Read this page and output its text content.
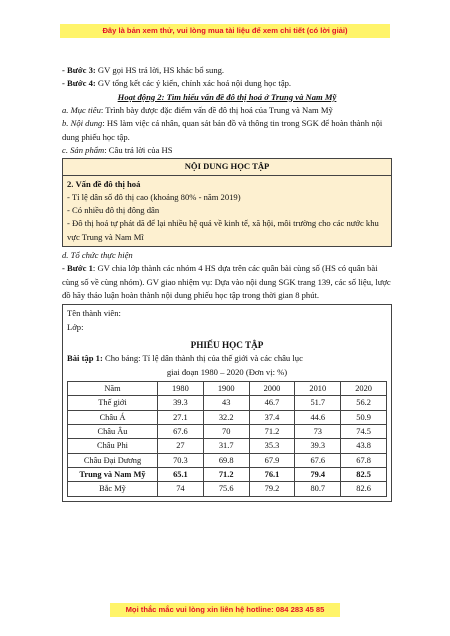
Đây là bản xem thử, vui lòng mua tài liệu để xem chi tiết (có lời giải)

- Bước 3: GV gọi HS trả lời, HS khác bổ sung.

- Bước 4: GV tổng kết các ý kiến, chính xác hoá nội dung học tập.

Hoạt động 2: Tìm hiểu vấn đề đô thị hoá ở Trung và Nam Mỹ

a. Mục tiêu: Trình bày được đặc điểm vấn đề đô thị hoá của Trung và Nam Mỹ

b. Nội dung: HS làm việc cá nhân, quan sát bản đồ và thông tin trong SGK để hoàn thành nội dung phiếu học tập.

c. Sản phẩm: Câu trả lời của HS

NỘI DUNG HỌC TẬP

2. Vấn đề đô thị hoá

- Tỉ lệ dân số đô thị cao (khoảng 80% - năm 2019)

- Có nhiều đô thị đông dân

- Đô thị hoá tự phát dã để lại nhiều hệ quả về kinh tế, xã hội, môi trường cho các nước khu vực Trung và Nam Mĩ

d. Tổ chức thực hiện

- Bước 1: GV chia lớp thành các nhóm 4 HS dựa trên các quân bài cùng số (HS có quân bài cùng số về cùng nhóm). GV giao nhiệm vụ: Dựa vào nội dung SGK trang 139, các số liệu, lược đồ hãy thảo luận hoàn thành nội dung phiếu học tập trong thời gian 8 phút.

Tên thành viên:

Lớp:

PHIẾU HỌC TẬP

Bài tập 1: Cho bảng: Tỉ lệ dân thành thị của thế giới và các châu lục

giai đoạn 1980 – 2020 (Đơn vị: %)

Năm	1980	1900	2000	2010	2020
Thế giới	39.3	43	46.7	51.7	56.2
Châu Á	27.1	32.2	37.4	44.6	50.9
Châu Âu	67.6	70	71.2	73	74.5
Châu Phi	27	31.7	35.3	39.3	43.8
Châu Đại Dương	70.3	69.8	67.9	67.6	67.8
Trung và Nam Mỹ	65.1	71.2	76.1	79.4	82.5
Bắc Mỹ	74	75.6	79.2	80.7	82.6
Mọi thắc mắc vui lòng xin liên hệ hotline: 084 283 45 85
